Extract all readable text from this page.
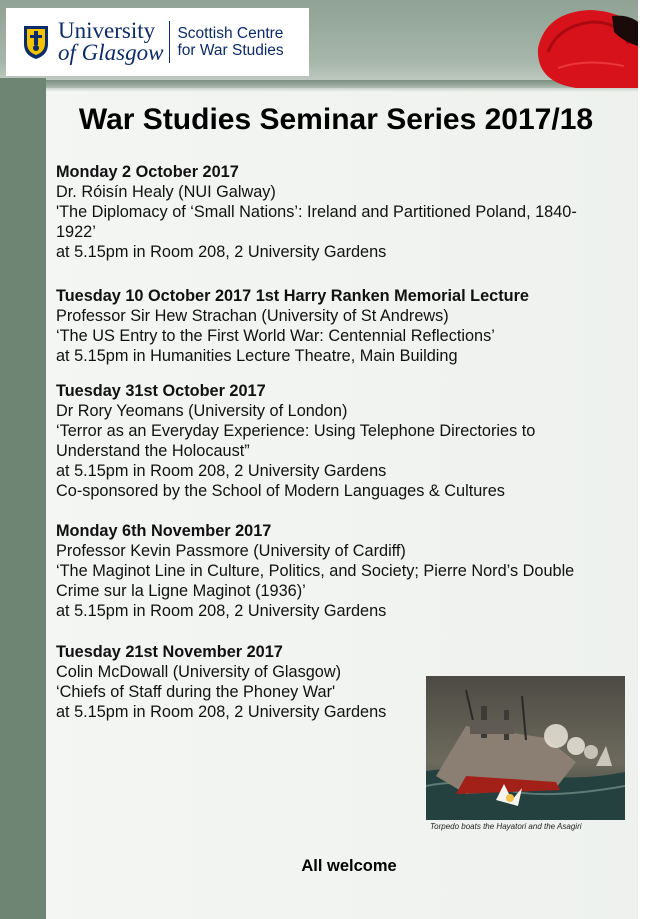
University
of Glasgow
Scottish Centre
for War Studies
War Studies Seminar Series 2017/18
Monday 2 October 2017
Dr. Róisín Healy (NUI Galway)
'The Diplomacy of ‘Small Nations’: Ireland and Partitioned Poland, 1840-
1922’
at 5.15pm in Room 208, 2 University Gardens
Tuesday 10 October 2017 1st Harry Ranken Memorial Lecture
Professor Sir Hew Strachan (University of St Andrews)
‘The US Entry to the First World War: Centennial Reflections’
at 5.15pm in Humanities Lecture Theatre, Main Building
Tuesday 31st October 2017
Dr Rory Yeomans (University of London)
‘Terror as an Everyday Experience: Using Telephone Directories to
Understand the Holocaust”
at 5.15pm in Room 208, 2 University Gardens
Co-sponsored by the School of Modern Languages & Cultures
Monday 6th November 2017
Professor Kevin Passmore (University of Cardiff)
‘The Maginot Line in Culture, Politics, and Society; Pierre Nord’s Double
Crime sur la Ligne Maginot (1936)’
at 5.15pm in Room 208, 2 University Gardens
Tuesday 21st November 2017
Colin McDowall (University of Glasgow)
‘Chiefs of Staff during the Phoney War'
at 5.15pm in Room 208, 2 University Gardens
Torpedo boats the Hayatori and the Asagiri
All welcome
